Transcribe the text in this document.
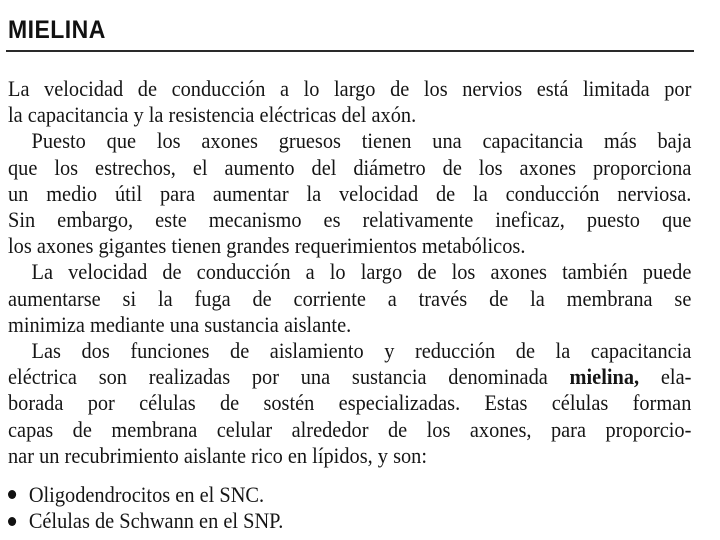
MIELINA
La velocidad de conducción a lo largo de los nervios está limitada por
la capacitancia y la resistencia eléctricas del axón.
Puesto que los axones gruesos tienen una capacitancia más baja
que los estrechos, el aumento del diámetro de los axones proporciona
un medio útil para aumentar la velocidad de la conducción nerviosa.
Sin embargo, este mecanismo es relativamente ineficaz, puesto que
los axones gigantes tienen grandes requerimientos metabólicos.
La velocidad de conducción a lo largo de los axones también puede
aumentarse si la fuga de corriente a través de la membrana se
minimiza mediante una sustancia aislante.
Las dos funciones de aislamiento y reducción de la capacitancia
eléctrica son realizadas por una sustancia denominada mielina, ela-
borada por células de sostén especializadas. Estas células forman
capas de membrana celular alrededor de los axones, para proporcio-
nar un recubrimiento aislante rico en lípidos, y son:
Oligodendrocitos en el SNC.
Células de Schwann en el SNP.
